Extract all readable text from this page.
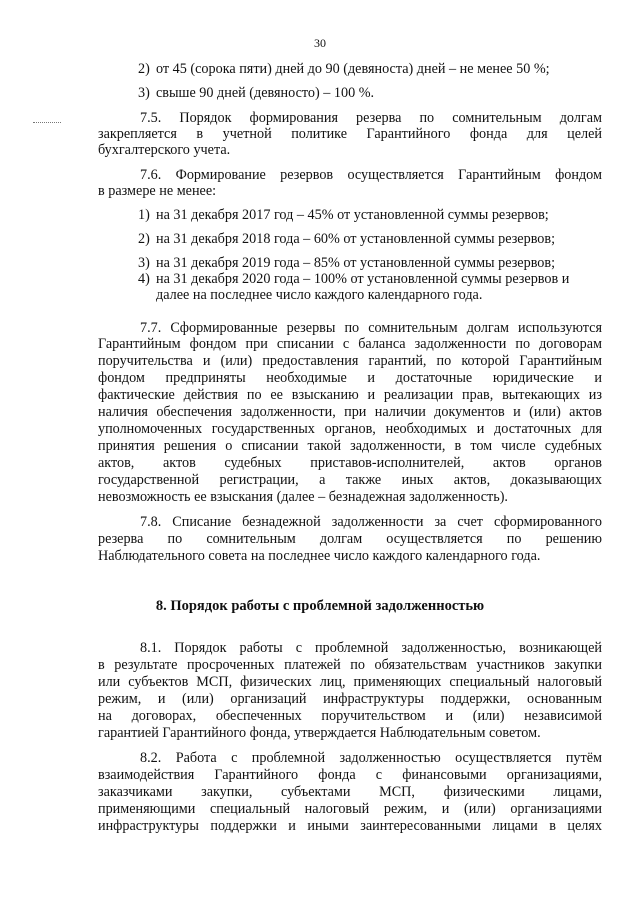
30
2) от 45 (сорока пяти) дней до 90 (девяноста) дней – не менее 50 %;
3) свыше 90 дней (девяносто) – 100 %.
7.5. Порядок формирования резерва по сомнительным долгам
закрепляется в учетной политике Гарантийного фонда для целей
бухгалтерского учета.
7.6. Формирование резервов осуществляется Гарантийным фондом
в размере не менее:
1) на 31 декабря 2017 год – 45% от установленной суммы резервов;
2) на 31 декабря 2018 года – 60% от установленной суммы резервов;
3) на 31 декабря 2019 года – 85% от установленной суммы резервов;
4) на 31 декабря 2020 года – 100% от установленной суммы резервов и
далее на последнее число каждого календарного года.
7.7. Сформированные резервы по сомнительным долгам используются
Гарантийным фондом при списании с баланса задолженности по договорам
поручительства и (или) предоставления гарантий, по которой Гарантийным
фондом предприняты необходимые и достаточные юридические и
фактические действия по ее взысканию и реализации прав, вытекающих из
наличия обеспечения задолженности, при наличии документов и (или) актов
уполномоченных государственных органов, необходимых и достаточных для
принятия решения о списании такой задолженности, в том числе судебных
актов, актов судебных приставов-исполнителей, актов органов
государственной регистрации, а также иных актов, доказывающих
невозможность ее взыскания (далее – безнадежная задолженность).
7.8. Списание безнадежной задолженности за счет сформированного
резерва по сомнительным долгам осуществляется по решению
Наблюдательного совета на последнее число каждого календарного года.
8. Порядок работы с проблемной задолженностью
8.1. Порядок работы с проблемной задолженностью, возникающей
в результате просроченных платежей по обязательствам участников закупки
или субъектов МСП, физических лиц, применяющих специальный налоговый
режим, и (или) организаций инфраструктуры поддержки, основанным
на договорах, обеспеченных поручительством и (или) независимой
гарантией Гарантийного фонда, утверждается Наблюдательным советом.
8.2. Работа с проблемной задолженностью осуществляется путём
взаимодействия Гарантийного фонда с финансовыми организациями,
заказчиками закупки, субъектами МСП, физическими лицами,
применяющими специальный налоговый режим, и (или) организациями
инфраструктуры поддержки и иными заинтересованными лицами в целях
